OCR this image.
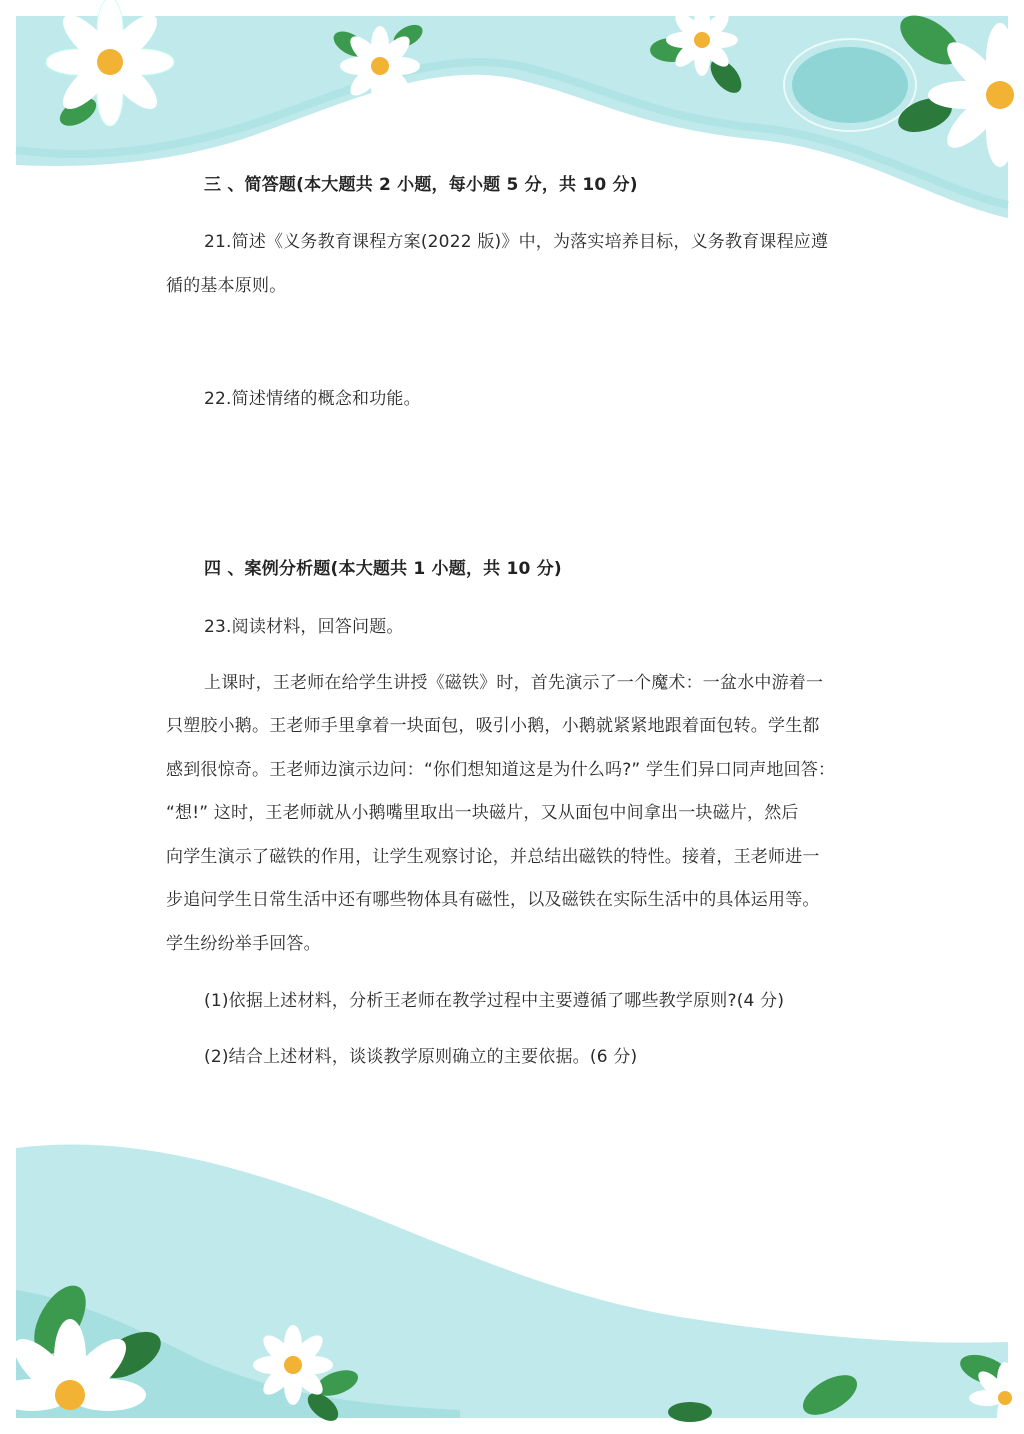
三 、简答题(本大题共 2 小题，每小题 5 分，共 10 分)
21.简述《义务教育课程方案(2022 版)》中，为落实培养目标，义务教育课程应遵
循的基本原则。
22.简述情绪的概念和功能。
四 、案例分析题(本大题共 1 小题，共 10 分)
23.阅读材料，回答问题。
上课时，王老师在给学生讲授《磁铁》时，首先演示了一个魔术：一盆水中游着一
只塑胶小鹅。王老师手里拿着一块面包，吸引小鹅，小鹅就紧紧地跟着面包转。学生都
感到很惊奇。王老师边演示边问：“你们想知道这是为什么吗?” 学生们异口同声地回答：
“想!” 这时，王老师就从小鹅嘴里取出一块磁片，又从面包中间拿出一块磁片，然后
向学生演示了磁铁的作用，让学生观察讨论，并总结出磁铁的特性。接着，王老师进一
步追问学生日常生活中还有哪些物体具有磁性，以及磁铁在实际生活中的具体运用等。
学生纷纷举手回答。
(1)依据上述材料，分析王老师在教学过程中主要遵循了哪些教学原则?(4 分)
(2)结合上述材料，谈谈教学原则确立的主要依据。(6 分)
